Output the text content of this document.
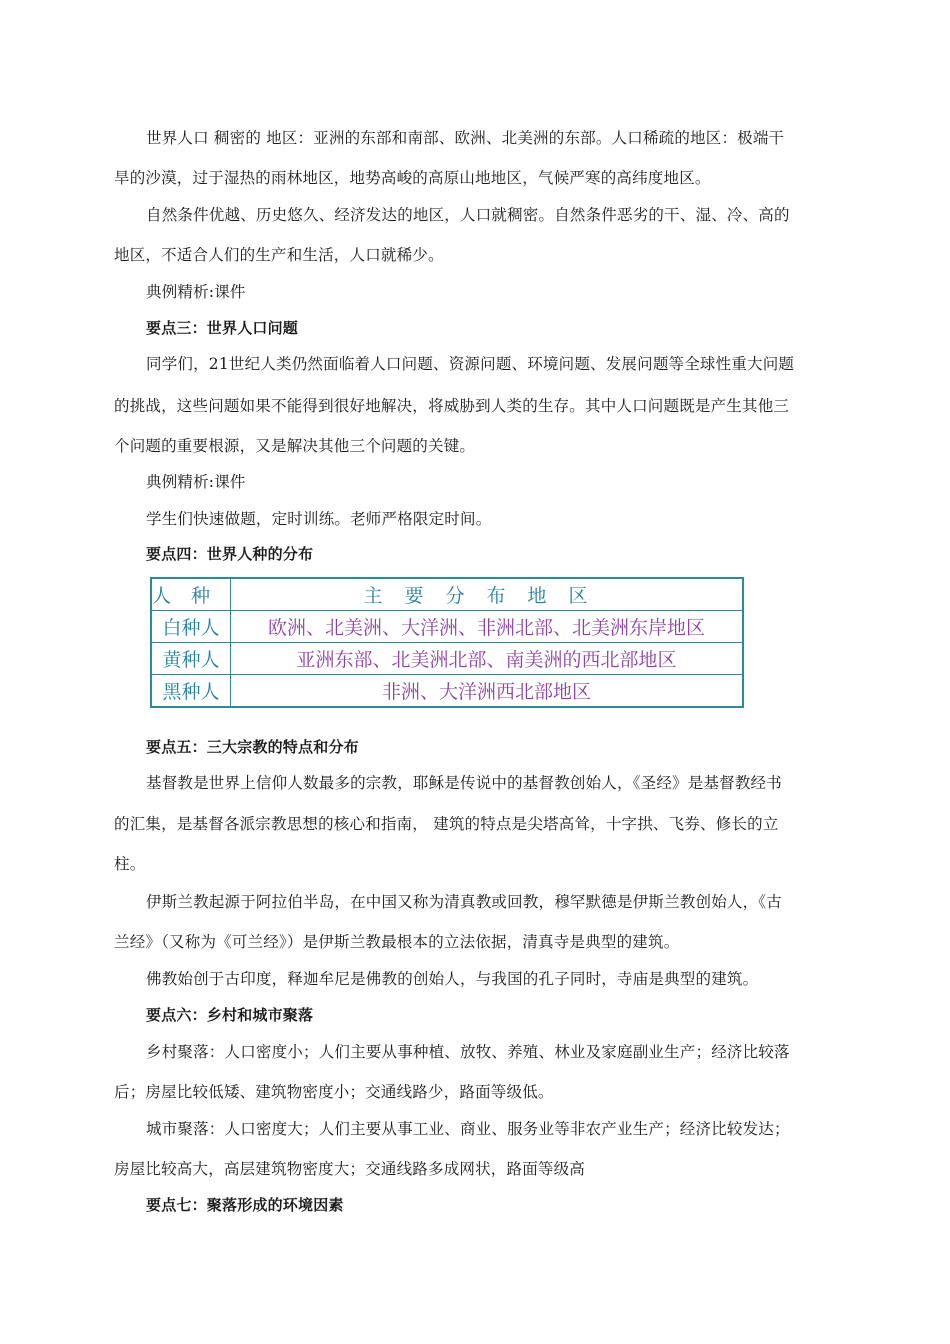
世界人口 稠密的 地区：亚洲的东部和南部、欧洲、北美洲的东部。人口稀疏的地区：极端干
旱的沙漠，过于湿热的雨林地区，地势高峻的高原山地地区，气候严寒的高纬度地区。
自然条件优越、历史悠久、经济发达的地区，人口就稠密。自然条件恶劣的干、湿、冷、高的
地区，不适合人们的生产和生活，人口就稀少。
典例精析:课件
要点三：世界人口问题
同学们，21世纪人类仍然面临着人口问题、资源问题、环境问题、发展问题等全球性重大问题
的挑战，这些问题如果不能得到很好地解决，将威胁到人类的生存。其中人口问题既是产生其他三
个问题的重要根源，又是解决其他三个问题的关键。
典例精析:课件
学生们快速做题，定时训练。老师严格限定时间。
要点四：世界人种的分布
人种	主要分布地区
白种人	欧洲、北美洲、大洋洲、非洲北部、北美洲东岸地区
黄种人	亚洲东部、北美洲北部、南美洲的西北部地区
黑种人	非洲、大洋洲西北部地区
要点五：三大宗教的特点和分布
基督教是世界上信仰人数最多的宗教，耶稣是传说中的基督教创始人，《圣经》是基督教经书
的汇集，是基督各派宗教思想的核心和指南， 建筑的特点是尖塔高耸，十字拱、飞券、修长的立
柱。
伊斯兰教起源于阿拉伯半岛，在中国又称为清真教或回教，穆罕默德是伊斯兰教创始人，《古
兰经》（又称为《可兰经》）是伊斯兰教最根本的立法依据，清真寺是典型的建筑。
佛教始创于古印度，释迦牟尼是佛教的创始人，与我国的孔子同时，寺庙是典型的建筑。
要点六：乡村和城市聚落
乡村聚落：人口密度小；人们主要从事种植、放牧、养殖、林业及家庭副业生产；经济比较落
后；房屋比较低矮、建筑物密度小；交通线路少，路面等级低。
城市聚落：人口密度大；人们主要从事工业、商业、服务业等非农产业生产；经济比较发达；
房屋比较高大，高层建筑物密度大；交通线路多成网状，路面等级高
要点七：聚落形成的环境因素
